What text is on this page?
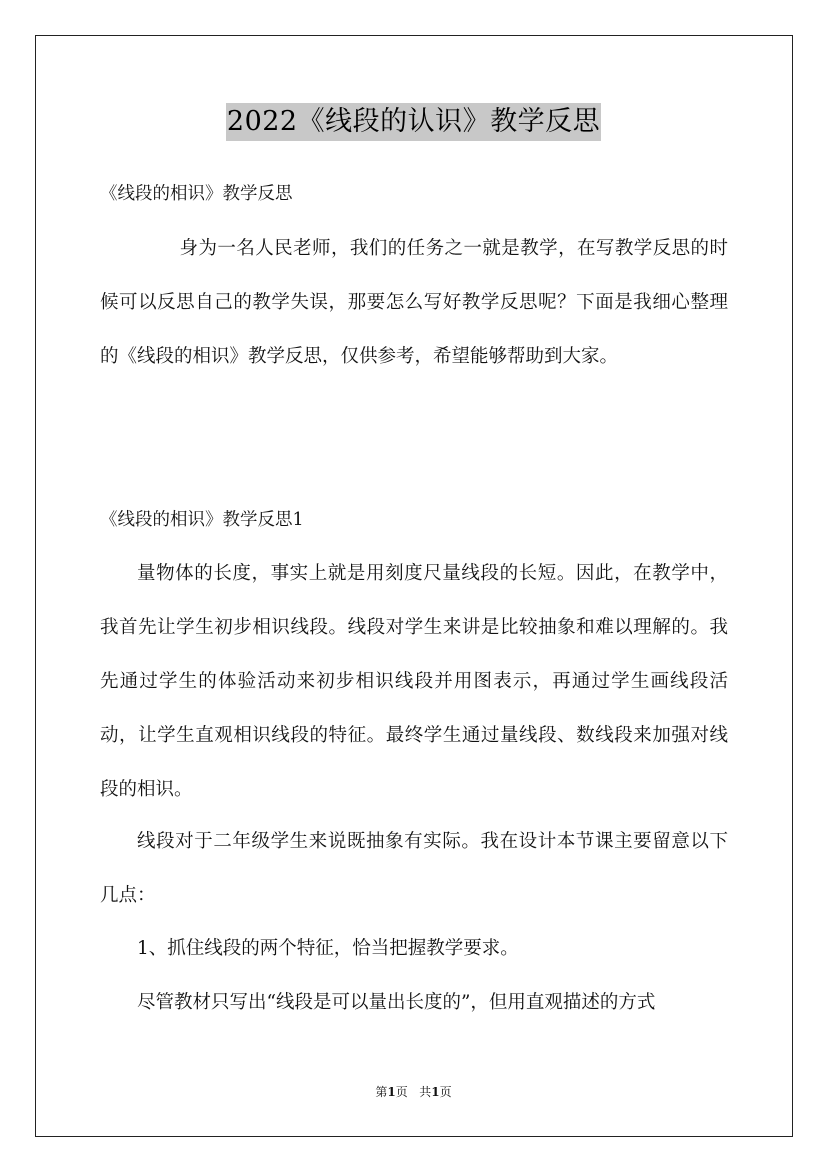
2022《线段的认识》教学反思

《线段的相识》教学反思

身为一名人民老师，我们的任务之一就是教学，在写教学反思的时候可以反思自己的教学失误，那要怎么写好教学反思呢？下面是我细心整理的《线段的相识》教学反思，仅供参考，希望能够帮助到大家。

《线段的相识》教学反思1

量物体的长度，事实上就是用刻度尺量线段的长短。因此，在教学中，我首先让学生初步相识线段。线段对学生来讲是比较抽象和难以理解的。我先通过学生的体验活动来初步相识线段并用图表示，再通过学生画线段活动，让学生直观相识线段的特征。最终学生通过量线段、数线段来加强对线段的相识。

线段对于二年级学生来说既抽象有实际。我在设计本节课主要留意以下几点：

1、抓住线段的两个特征，恰当把握教学要求。

尽管教材只写出“线段是可以量出长度的”，但用直观描述的方式

第1页 共1页
